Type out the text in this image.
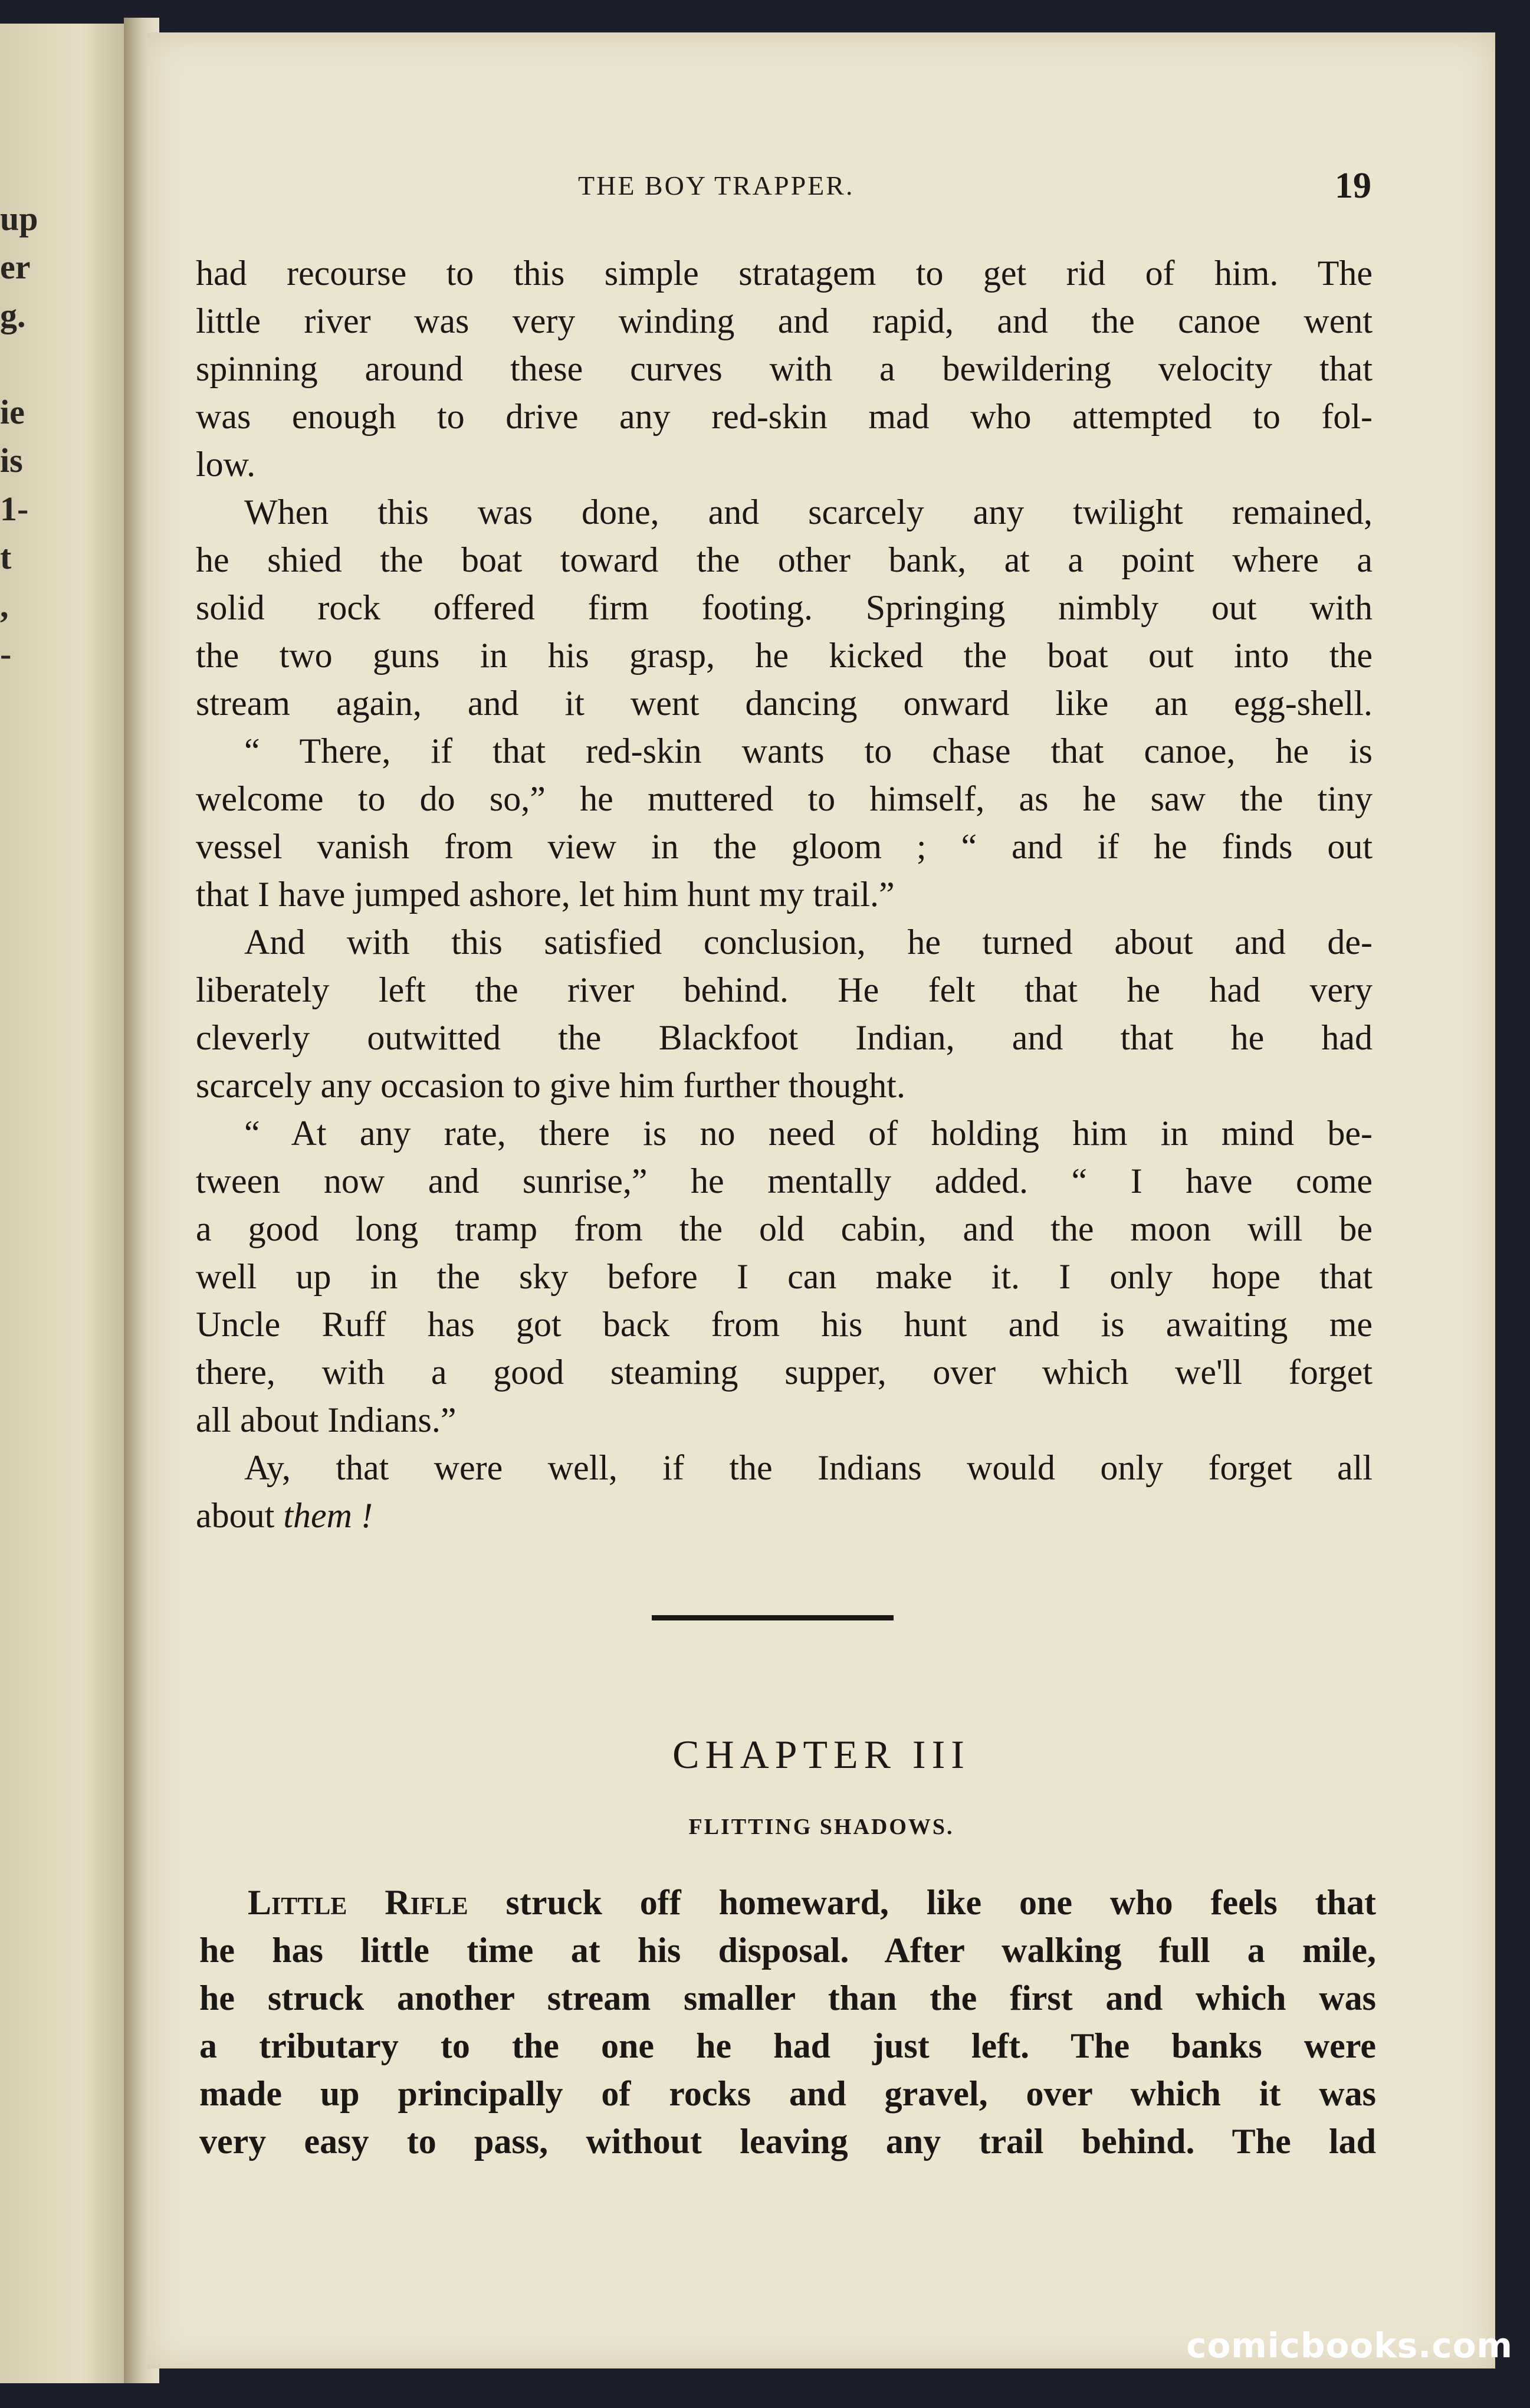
up
er
g.
ie
is
1-
t
,
-
THE BOY TRAPPER.	19
had recourse to this simple stratagem to get rid of him. The
little river was very winding and rapid, and the canoe went
spinning around these curves with a bewildering velocity that
was enough to drive any red-skin mad who attempted to fol-
low.
When this was done, and scarcely any twilight remained,
he shied the boat toward the other bank, at a point where a
solid rock offered firm footing. Springing nimbly out with
the two guns in his grasp, he kicked the boat out into the
stream again, and it went dancing onward like an egg-shell.
“ There, if that red-skin wants to chase that canoe, he is
welcome to do so,” he muttered to himself, as he saw the tiny
vessel vanish from view in the gloom ; “ and if he finds out
that I have jumped ashore, let him hunt my trail.”
And with this satisfied conclusion, he turned about and de-
liberately left the river behind. He felt that he had very
cleverly outwitted the Blackfoot Indian, and that he had
scarcely any occasion to give him further thought.
“ At any rate, there is no need of holding him in mind be-
tween now and sunrise,” he mentally added. “ I have come
a good long tramp from the old cabin, and the moon will be
well up in the sky before I can make it. I only hope that
Uncle Ruff has got back from his hunt and is awaiting me
there, with a good steaming supper, over which we'll forget
all about Indians.”
Ay, that were well, if the Indians would only forget all
about them !
CHAPTER III
FLITTING SHADOWS.
Little Rifle struck off homeward, like one who feels that
he has little time at his disposal. After walking full a mile,
he struck another stream smaller than the first and which was
a tributary to the one he had just left. The banks were
made up principally of rocks and gravel, over which it was
very easy to pass, without leaving any trail behind. The lad
comicbooks.com
